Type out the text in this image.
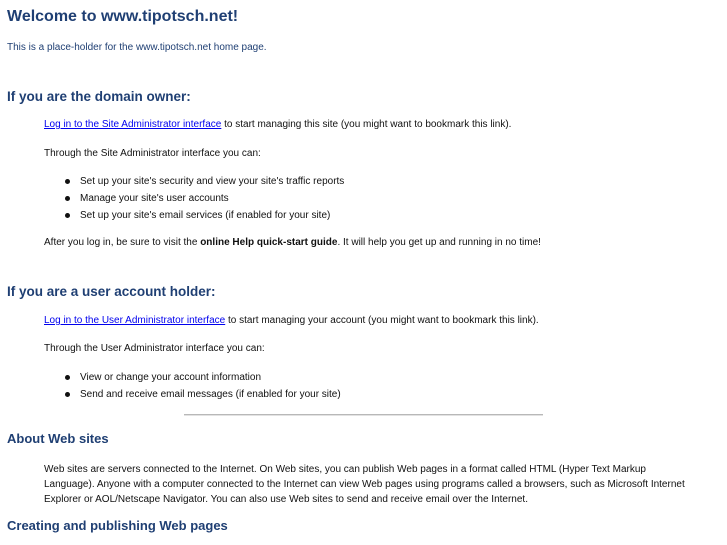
Welcome to www.tipotsch.net!

This is a place-holder for the www.tipotsch.net home page.

If you are the domain owner:

Log in to the Site Administrator interface to start managing this site (you might want to bookmark this link).

Through the Site Administrator interface you can:

Set up your site's security and view your site's traffic reports
Manage your site's user accounts
Set up your site's email services (if enabled for your site)

After you log in, be sure to visit the online Help quick-start guide. It will help you get up and running in no time!

If you are a user account holder:

Log in to the User Administrator interface to start managing your account (you might want to bookmark this link).

Through the User Administrator interface you can:

View or change your account information
Send and receive email messages (if enabled for your site)
About Web sites

Web sites are servers connected to the Internet. On Web sites, you can publish Web pages in a format called HTML (Hyper Text Markup Language). Anyone with a computer connected to the Internet can view Web pages using programs called a browsers, such as Microsoft Internet Explorer or AOL/Netscape Navigator. You can also use Web sites to send and receive email over the Internet.

Creating and publishing Web pages
